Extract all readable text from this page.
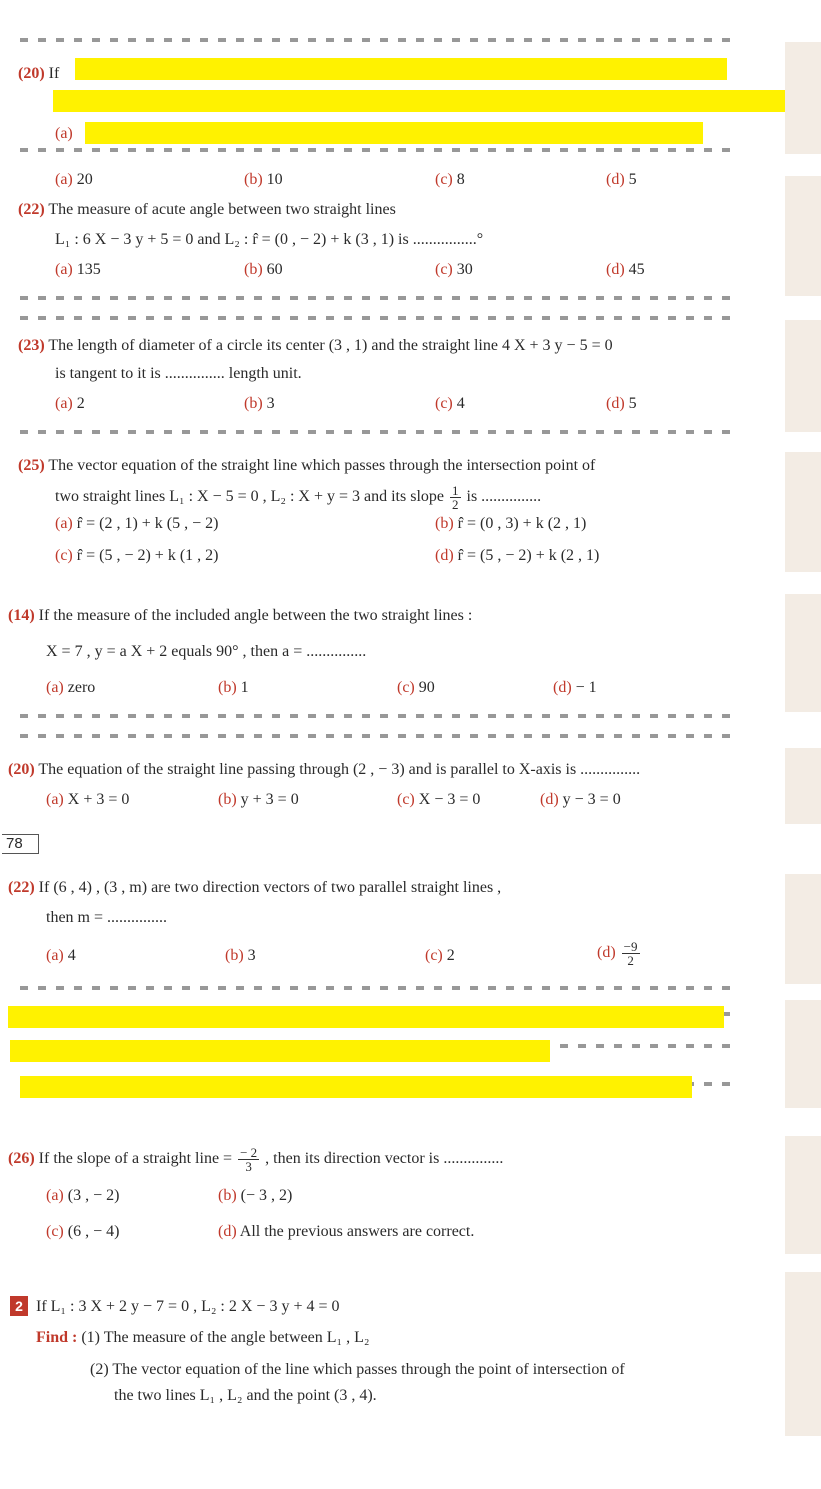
(20) If
(a)
(a) 20	(b) 10	(c) 8	(d) 5
(22) The measure of acute angle between two straight lines
L₁ : 6 X − 3 y + 5 = 0 and L₂ : r̂ = (0 , − 2) + k (3 , 1) is ................°
(a) 135	(b) 60	(c) 30	(d) 45
(23) The length of diameter of a circle its center (3 , 1) and the straight line 4 X + 3 y − 5 = 0
is tangent to it is ............... length unit.
(a) 2	(b) 3	(c) 4	(d) 5
(25) The vector equation of the straight line which passes through the intersection point of
two straight lines L₁ : X − 5 = 0 , L₂ : X + y = 3 and its slope $\frac{1}{2}$ is ...............
(a) r̂ = (2 , 1) + k (5 , − 2)	(b) r̂ = (0 , 3) + k (2 , 1)
(c) r̂ = (5 , − 2) + k (1 , 2)	(d) r̂ = (5 , − 2) + k (2 , 1)
(14) If the measure of the included angle between the two straight lines :
X = 7 , y = a X + 2 equals 90° , then a = ...............
(a) zero	(b) 1	(c) 90	(d) − 1
(20) The equation of the straight line passing through (2 , − 3) and is parallel to X-axis is ...............
(a) X + 3 = 0	(b) y + 3 = 0	(c) X − 3 = 0	(d) y − 3 = 0
78
(22) If (6 , 4) , (3 , m) are two direction vectors of two parallel straight lines ,
then m = ...............
(a) 4	(b) 3	(c) 2	$(d) \frac{-9}{2}$
(26) If the slope of a straight line = $\frac{- 2}{3}$ , then its direction vector is ...............
(a) (3 , − 2)	(b) (− 3 , 2)
(c) (6 , − 4)	(d) All the previous answers are correct.
2 If L₁ : 3 X + 2 y − 7 = 0 , L₂ : 2 X − 3 y + 4 = 0
Find : (1) The measure of the angle between L₁ , L₂
(2) The vector equation of the line which passes through the point of intersection of
the two lines L₁ , L₂ and the point (3 , 4).
